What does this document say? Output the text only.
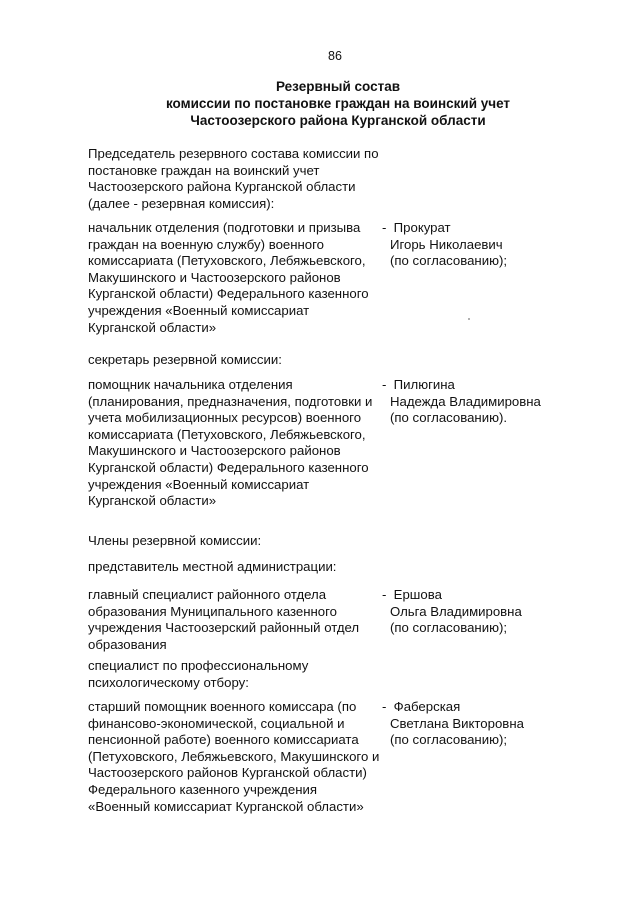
86
Резервный состав
комиссии по постановке граждан на воинский учет
Частоозерского района Курганской области
Председатель резервного состава комиссии по постановке граждан на воинский учет Частоозерского района Курганской области (далее - резервная комиссия):
начальник отделения (подготовки и призыва граждан на военную службу) военного комиссариата (Петуховского, Лебяжьевского, Макушинского и Частоозерского районов Курганской области) Федерального казенного учреждения «Военный комиссариат Курганской области»
- Прокурат
Игорь Николаевич
(по согласованию);
секретарь резервной комиссии:
помощник начальника отделения (планирования, предназначения, подготовки и учета мобилизационных ресурсов) военного комиссариата (Петуховского, Лебяжьевского, Макушинского и Частоозерского районов Курганской области) Федерального казенного учреждения «Военный комиссариат Курганской области»
- Пилюгина
Надежда Владимировна
(по согласованию).
Члены резервной комиссии:
представитель местной администрации:
главный специалист районного отдела образования Муниципального казенного учреждения Частоозерский районный отдел образования
- Ершова
Ольга Владимировна
(по согласованию);
специалист по профессиональному психологическому отбору:
старший помощник военного комиссара (по финансово-экономической, социальной и пенсионной работе) военного комиссариата (Петуховского, Лебяжьевского, Макушинского и Частоозерского районов Курганской области) Федерального казенного учреждения «Военный комиссариат Курганской области»
- Фаберская
Светлана Викторовна
(по согласованию);
